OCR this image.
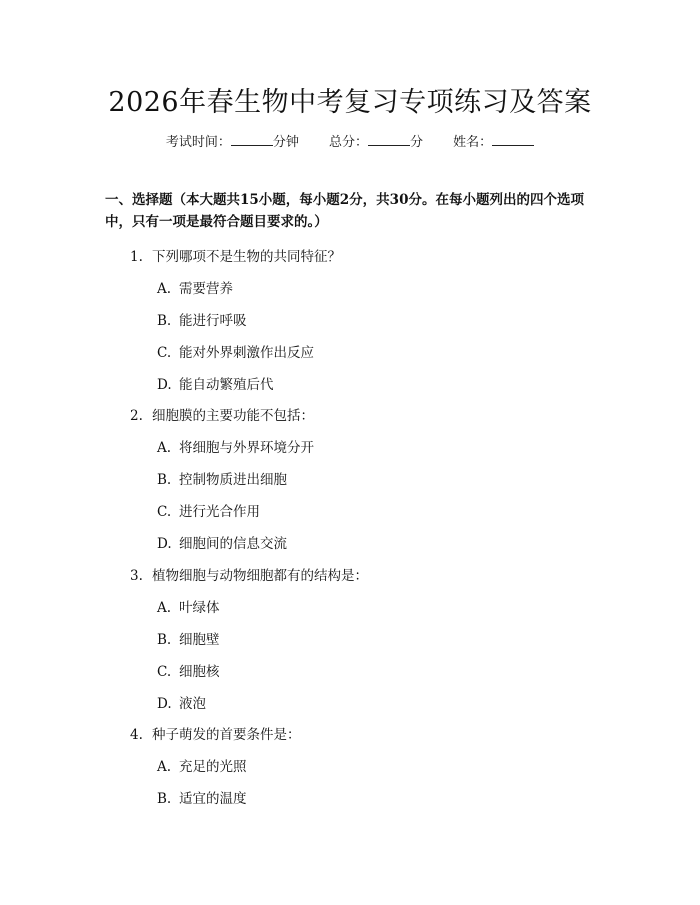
2026年春生物中考复习专项练习及答案
考试时间：	分钟 总分：	分 姓名：
一、选择题（本大题共15小题，每小题2分，共30分。在每小题列出的四个选项中，只有一项是最符合题目要求的。）
1. 下列哪项不是生物的共同特征？
A. 需要营养
B. 能进行呼吸
C. 能对外界刺激作出反应
D. 能自动繁殖后代
2. 细胞膜的主要功能不包括：
A. 将细胞与外界环境分开
B. 控制物质进出细胞
C. 进行光合作用
D. 细胞间的信息交流
3. 植物细胞与动物细胞都有的结构是：
A. 叶绿体
B. 细胞壁
C. 细胞核
D. 液泡
4. 种子萌发的首要条件是：
A. 充足的光照
B. 适宜的温度
